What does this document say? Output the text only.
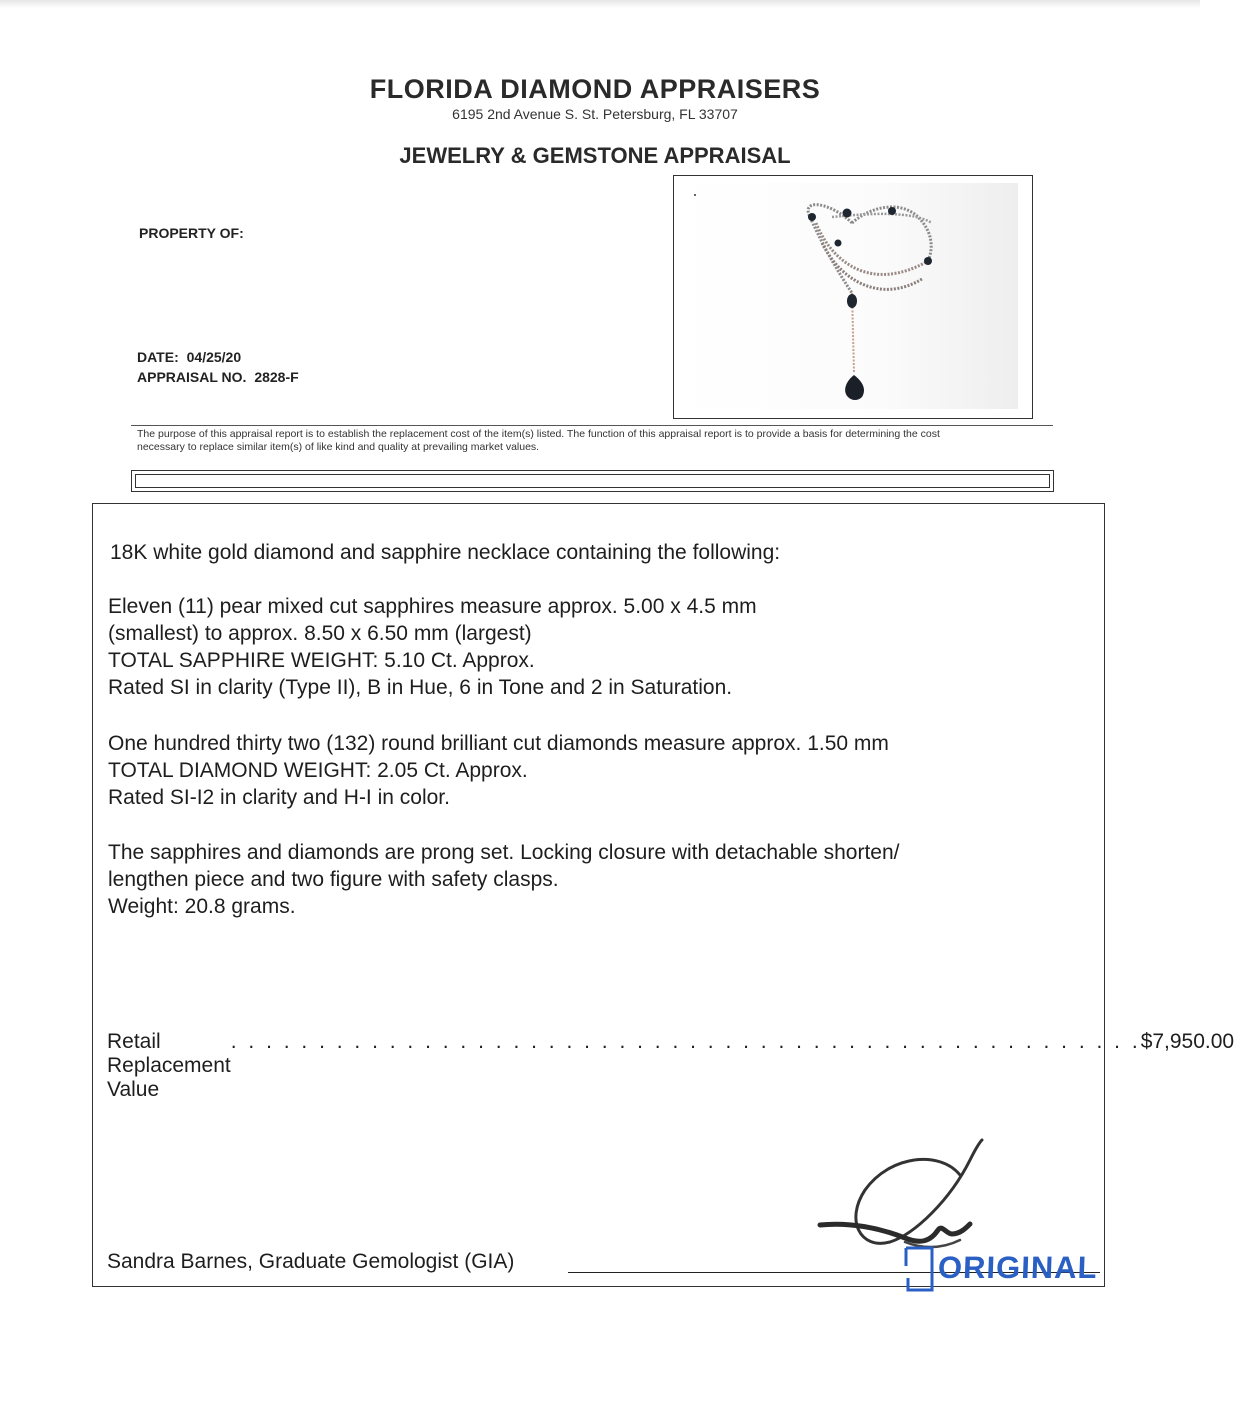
FLORIDA DIAMOND APPRAISERS
6195 2nd Avenue S. St. Petersburg, FL 33707
JEWELRY & GEMSTONE APPRAISAL
PROPERTY OF:
DATE: 04/25/20
APPRAISAL NO. 2828-F
The purpose of this appraisal report is to establish the replacement cost of the item(s) listed. The function of this appraisal report is to provide a basis for determining the cost
necessary to replace similar item(s) of like kind and quality at prevailing market values.

18K white gold diamond and sapphire necklace containing the following:

Eleven (11) pear mixed cut sapphires measure approx. 5.00 x 4.5 mm

(smallest) to approx. 8.50 x 6.50 mm (largest)

TOTAL SAPPHIRE WEIGHT: 5.10 Ct. Approx.

Rated SI in clarity (Type II), B in Hue, 6 in Tone and 2 in Saturation.

One hundred thirty two (132) round brilliant cut diamonds measure approx. 1.50 mm

TOTAL DIAMOND WEIGHT: 2.05 Ct. Approx.

Rated SI-I2 in clarity and H-I in color.

The sapphires and diamonds are prong set. Locking closure with detachable shorten/

lengthen piece and two figure with safety clasps.

Weight: 20.8 grams.

Retail Replacement Value
. . . . . . . . . . . . . . . . . . . . . . . . . . . . . . . . . . . . . . . . . . . . . . . . . . . . $7,950.00
Sandra Barnes, Graduate Gemologist (GIA)	ORIGINAL
